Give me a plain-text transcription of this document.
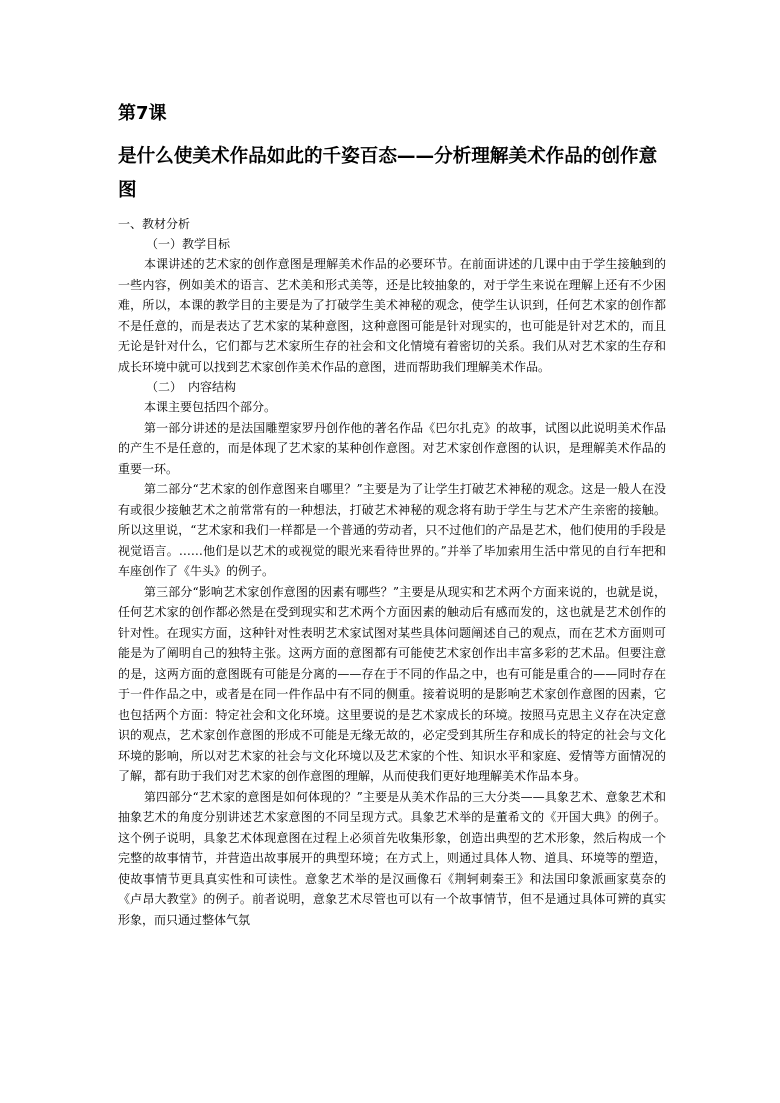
第7课
是什么使美术作品如此的千姿百态——分析理解美术作品的创作意图
一、教材分析
（一）教学目标

本课讲述的艺术家的创作意图是理解美术作品的必要环节。在前面讲述的几课中由于学生接触到的一些内容，例如美术的语言、艺术美和形式美等，还是比较抽象的，对于学生来说在理解上还有不少困难，所以，本课的教学目的主要是为了打破学生美术神秘的观念，使学生认识到，任何艺术家的创作都不是任意的，而是表达了艺术家的某种意图，这种意图可能是针对现实的，也可能是针对艺术的，而且无论是针对什么，它们都与艺术家所生存的社会和文化情境有着密切的关系。我们从对艺术家的生存和成长环境中就可以找到艺术家创作美术作品的意图，进而帮助我们理解美术作品。

（二）　内容结构

本课主要包括四个部分。

第一部分讲述的是法国雕塑家罗丹创作他的著名作品《巴尔扎克》的故事，试图以此说明美术作品的产生不是任意的，而是体现了艺术家的某种创作意图。对艺术家创作意图的认识，是理解美术作品的重要一环。

第二部分“艺术家的创作意图来自哪里？”主要是为了让学生打破艺术神秘的观念。这是一般人在没有或很少接触艺术之前常常有的一种想法，打破艺术神秘的观念将有助于学生与艺术产生亲密的接触。所以这里说，“艺术家和我们一样都是一个普通的劳动者，只不过他们的产品是艺术，他们使用的手段是视觉语言。……他们是以艺术的或视觉的眼光来看待世界的。”并举了毕加索用生活中常见的自行车把和车座创作了《牛头》的例子。

第三部分“影响艺术家创作意图的因素有哪些？”主要是从现实和艺术两个方面来说的，也就是说，任何艺术家的创作都必然是在受到现实和艺术两个方面因素的触动后有感而发的，这也就是艺术创作的针对性。在现实方面，这种针对性表明艺术家试图对某些具体问题阐述自己的观点，而在艺术方面则可能是为了阐明自己的独特主张。这两方面的意图都有可能使艺术家创作出丰富多彩的艺术品。但要注意的是，这两方面的意图既有可能是分离的——存在于不同的作品之中，也有可能是重合的——同时存在于一件作品之中，或者是在同一件作品中有不同的侧重。接着说明的是影响艺术家创作意图的因素，它也包括两个方面：特定社会和文化环境。这里要说的是艺术家成长的环境。按照马克思主义存在决定意识的观点，艺术家创作意图的形成不可能是无缘无故的，必定受到其所生存和成长的特定的社会与文化环境的影响，所以对艺术家的社会与文化环境以及艺术家的个性、知识水平和家庭、爱情等方面情况的了解，都有助于我们对艺术家的创作意图的理解，从而使我们更好地理解美术作品本身。

第四部分“艺术家的意图是如何体现的？”主要是从美术作品的三大分类——具象艺术、意象艺术和抽象艺术的角度分别讲述艺术家意图的不同呈现方式。具象艺术举的是董希文的《开国大典》的例子。这个例子说明，具象艺术体现意图在过程上必须首先收集形象，创造出典型的艺术形象，然后构成一个完整的故事情节，并营造出故事展开的典型环境；在方式上，则通过具体人物、道具、环境等的塑造，使故事情节更具真实性和可读性。意象艺术举的是汉画像石《荆轲刺秦王》和法国印象派画家莫奈的《卢昂大教堂》的例子。前者说明，意象艺术尽管也可以有一个故事情节，但不是通过具体可辨的真实形象，而只通过整体气氛
